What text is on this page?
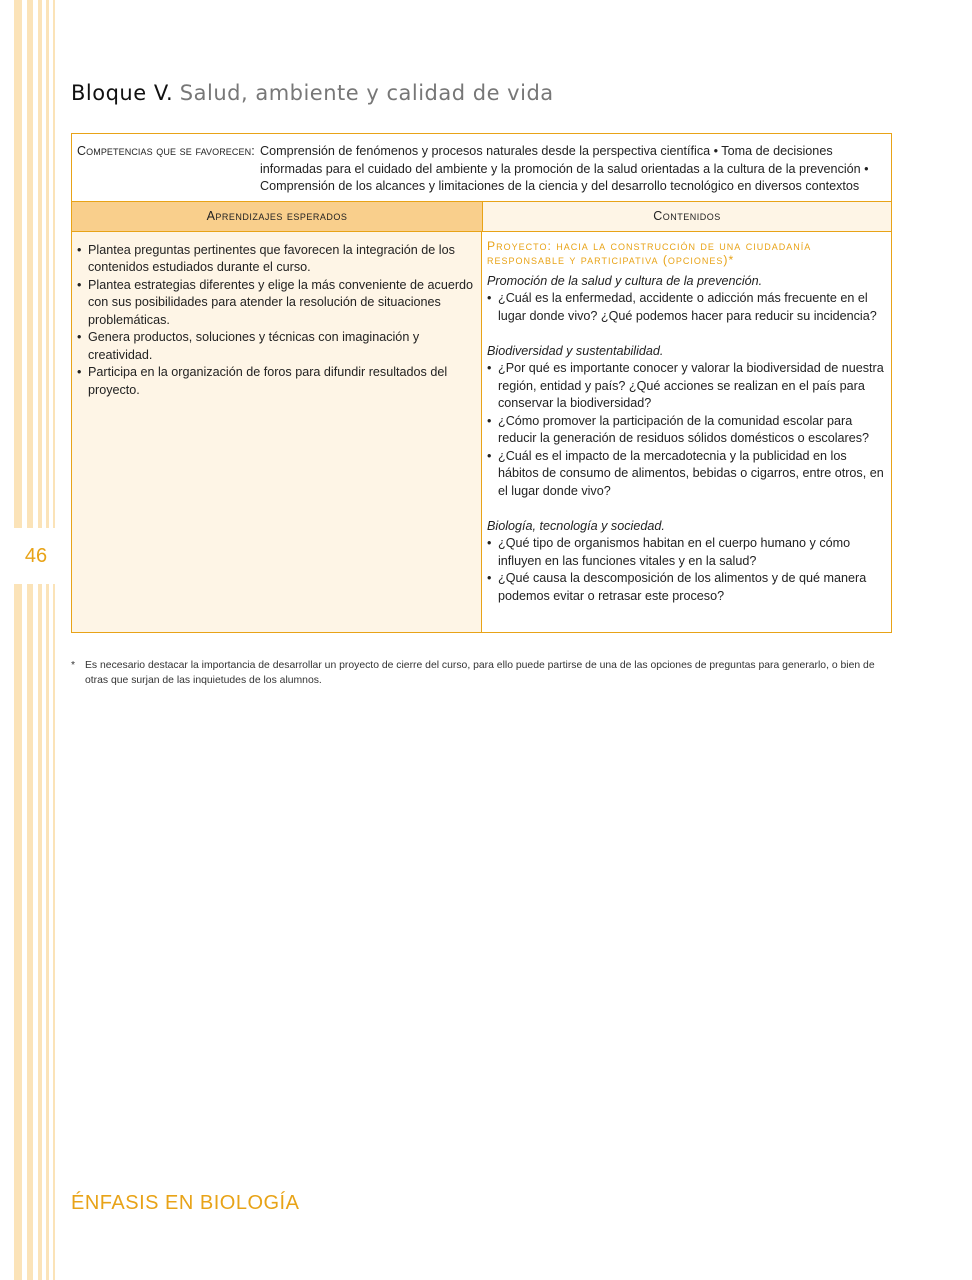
46
Bloque V. Salud, ambiente y calidad de vida
Competencias que se favorecen: Comprensión de fenómenos y procesos naturales desde la perspectiva científica • Toma de decisiones informadas para el cuidado del ambiente y la promoción de la salud orientadas a la cultura de la prevención • Comprensión de los alcances y limitaciones de la ciencia y del desarrollo tecnológico en diversos contextos
Aprendizajes esperados	Contenidos
• Plantea preguntas pertinentes que favorecen la integración de los contenidos estudiados durante el curso.
• Plantea estrategias diferentes y elige la más conveniente de acuerdo con sus posibilidades para atender la resolución de situaciones problemáticas.
• Genera productos, soluciones y técnicas con imaginación y creatividad.
• Participa en la organización de foros para difundir resultados del proyecto.
Proyecto: hacia la construcción de una ciudadanía responsable y participativa (opciones)*
Promoción de la salud y cultura de la prevención.
• ¿Cuál es la enfermedad, accidente o adicción más frecuente en el lugar donde vivo? ¿Qué podemos hacer para reducir su incidencia?
Biodiversidad y sustentabilidad.
• ¿Por qué es importante conocer y valorar la biodiversidad de nuestra región, entidad y país? ¿Qué acciones se realizan en el país para conservar la biodiversidad?
• ¿Cómo promover la participación de la comunidad escolar para reducir la generación de residuos sólidos domésticos o escolares?
• ¿Cuál es el impacto de la mercadotecnia y la publicidad en los hábitos de consumo de alimentos, bebidas o cigarros, entre otros, en el lugar donde vivo?
Biología, tecnología y sociedad.
• ¿Qué tipo de organismos habitan en el cuerpo humano y cómo influyen en las funciones vitales y en la salud?
• ¿Qué causa la descomposición de los alimentos y de qué manera podemos evitar o retrasar este proceso?
* Es necesario destacar la importancia de desarrollar un proyecto de cierre del curso, para ello puede partirse de una de las opciones de preguntas para generarlo, o bien de otras que surjan de las inquietudes de los alumnos.
ÉNFASIS EN BIOLOGÍA
